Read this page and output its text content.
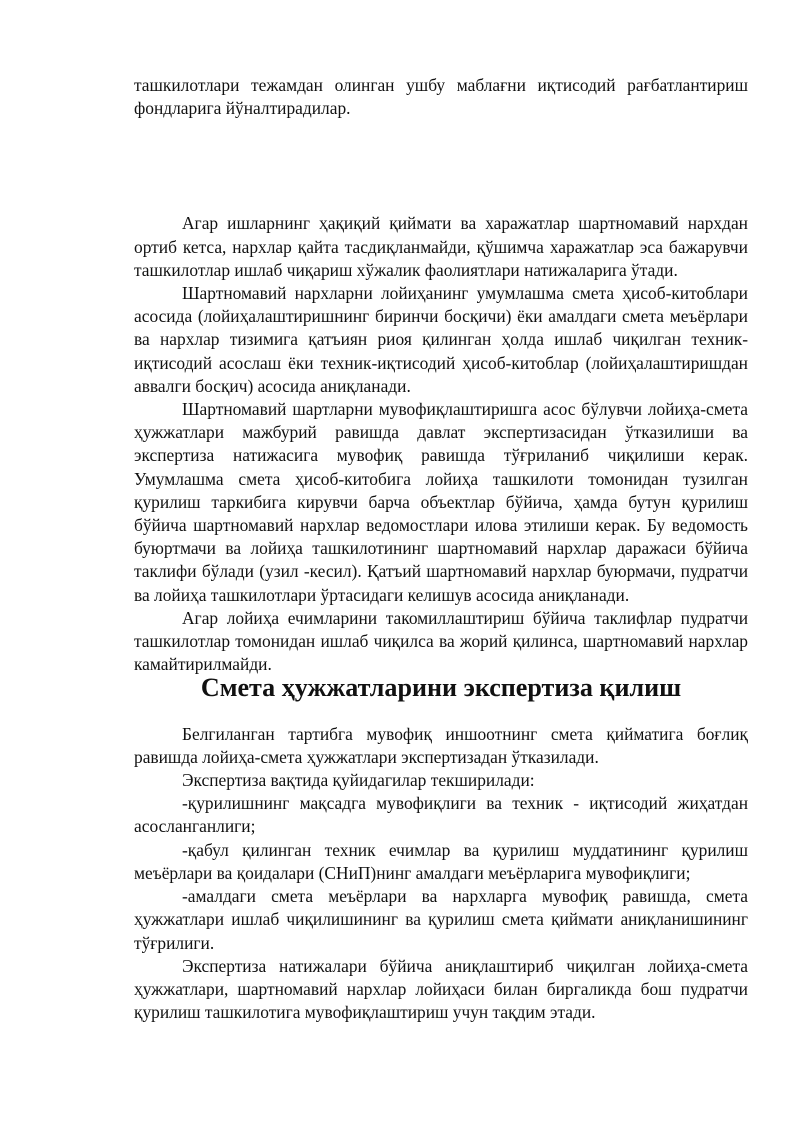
ташкилотлари тежамдан олинган ушбу маблағни иқтисодий рағбатлантириш фондларига йўналтирадилар.

Агар ишларнинг ҳақиқий қиймати ва харажатлар шартномавий нархдан ортиб кетса, нархлар қайта тасдиқланмайди, қўшимча харажатлар эса бажарувчи ташкилотлар ишлаб чиқариш хўжалик фаолиятлари натижаларига ўтади.

Шартномавий нархларни лойиҳанинг умумлашма смета ҳисоб-китоблари асосида (лойиҳалаштиришнинг биринчи босқичи) ёки амалдаги смета меъёрлари ва нархлар тизимига қатъиян риоя қилинган ҳолда ишлаб чиқилган техник-иқтисодий асослаш ёки техник-иқтисодий ҳисоб-китоблар (лойиҳалаштиришдан аввалги босқич) асосида аниқланади.

Шартномавий шартларни мувофиқлаштиришга асос бўлувчи лойиҳа-смета ҳужжатлари мажбурий равишда давлат экспертизасидан ўтказилиши ва экспертиза натижасига мувофиқ равишда тўғриланиб чиқилиши керак. Умумлашма смета ҳисоб-китобига лойиҳа ташкилоти томонидан тузилган қурилиш таркибига кирувчи барча объектлар бўйича, ҳамда бутун қурилиш бўйича шартномавий нархлар ведомостлари илова этилиши керак. Бу ведомость буюртмачи ва лойиҳа ташкилотининг шартномавий нархлар даражаси бўйича таклифи бўлади (узил -кесил). Қатъий шартномавий нархлар буюрмачи, пудратчи ва лойиҳа ташкилотлари ўртасидаги келишув асосида аниқланади.

Агар лойиҳа ечимларини такомиллаштириш бўйича таклифлар пудратчи ташкилотлар томонидан ишлаб чиқилса ва жорий қилинса, шартномавий нархлар камайтирилмайди.

Смета ҳужжатларини экспертиза қилиш

Белгиланган тартибга мувофиқ иншоотнинг смета қийматига боғлиқ равишда лойиҳа-смета ҳужжатлари экспертизадан ўтказилади.

Экспертиза вақтида қуйидагилар текширилади:

-қурилишнинг мақсадга мувофиқлиги ва техник - иқтисодий жиҳатдан асосланганлиги;

-қабул қилинган техник ечимлар ва қурилиш муддатининг қурилиш меъёрлари ва қоидалари (СНиП)нинг амалдаги меъёрларига мувофиқлиги;

-амалдаги смета меъёрлари ва нархларга мувофиқ равишда, смета ҳужжатлари ишлаб чиқилишининг ва қурилиш смета қиймати аниқланишининг тўғрилиги.

Экспертиза натижалари бўйича аниқлаштириб чиқилган лойиҳа-смета ҳужжатлари, шартномавий нархлар лойиҳаси билан биргаликда бош пудратчи қурилиш ташкилотига мувофиқлаштириш учун тақдим этади.
